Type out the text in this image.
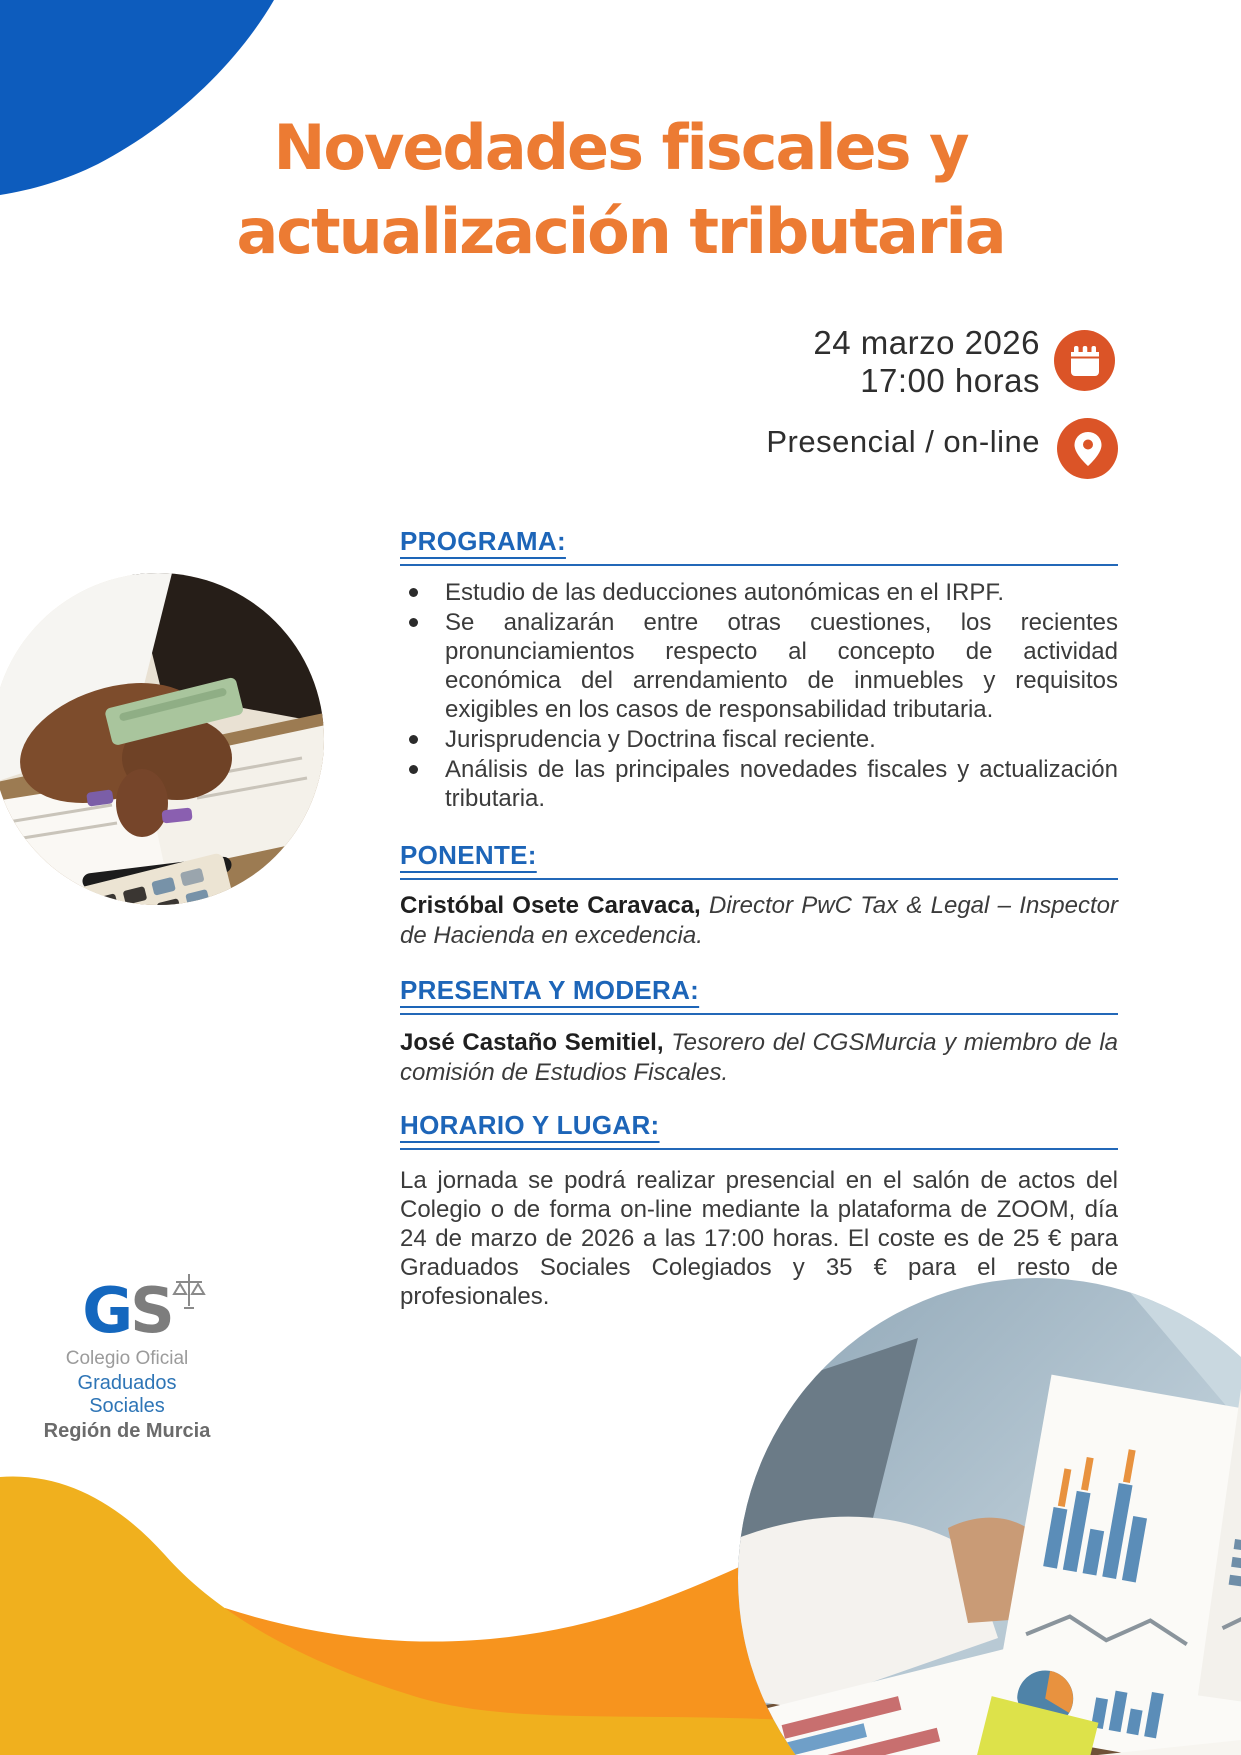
Novedades fiscales y
actualización tributaria
24 marzo 2026
17:00 horas
Presencial / on-line
PROGRAMA:
Estudio de las deducciones autonómicas en el IRPF.
Se analizarán entre otras cuestiones, los recientes pronunciamientos respecto al concepto de actividad económica del arrendamiento de inmuebles y requisitos exigibles en los casos de responsabilidad tributaria.
Jurisprudencia y Doctrina fiscal reciente.
Análisis de las principales novedades fiscales y actualización tributaria.
PONENTE:
Cristóbal Osete Caravaca, Director PwC Tax & Legal – Inspector de Hacienda en excedencia.
PRESENTA Y MODERA:
José Castaño Semitiel, Tesorero del CGSMurcia y miembro de la comisión de Estudios Fiscales.
HORARIO Y LUGAR:
La jornada se podrá realizar presencial en el salón de actos del Colegio o de forma on-line mediante la plataforma de ZOOM, día 24 de marzo de 2026 a las 17:00 horas. El coste es de 25 € para Graduados Sociales Colegiados y 35 € para el resto de profesionales.
GS
Colegio Oficial
Graduados Sociales
Región de Murcia
